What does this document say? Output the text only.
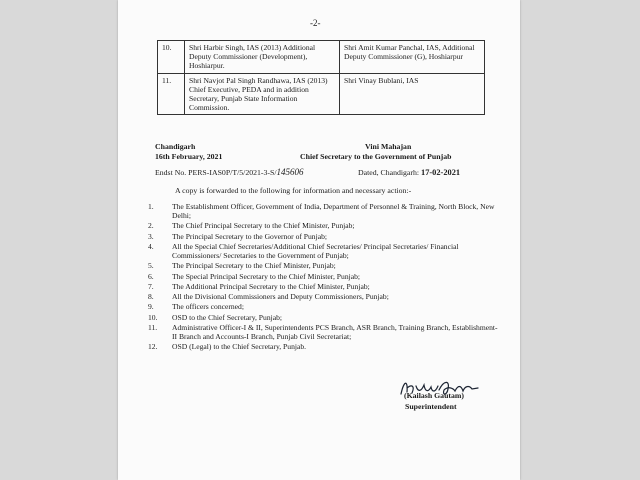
-2-
10.	Shri Harbir Singh, IAS (2013) Additional Deputy Commissioner (Development), Hoshiarpur.	Shri Amit Kumar Panchal, IAS, Additional Deputy Commissioner (G), Hoshiarpur
11.	Shri Navjot Pal Singh Randhawa, IAS (2013) Chief Executive, PEDA and in addition Secretary, Punjab State Information Commission.	Shri Vinay Bublani, IAS
Chandigarh
16th February, 2021
Vini Mahajan
Chief Secretary to the Government of Punjab
Endst No. PERS-IAS0P/T/5/2021-3-S/145606	Dated, Chandigarh: 17-02-2021
A copy is forwarded to the following for information and necessary action:-
1.	The Establishment Officer, Government of India, Department of Personnel & Training, North Block, New Delhi;
2.	The Chief Principal Secretary to the Chief Minister, Punjab;
3.	The Principal Secretary to the Governor of Punjab;
4.	All the Special Chief Secretaries/Additional Chief Secretaries/ Principal Secretaries/ Financial Commissioners/ Secretaries to the Government of Punjab;
5.	The Principal Secretary to the Chief Minister, Punjab;
6.	The Special Principal Secretary to the Chief Minister, Punjab;
7.	The Additional Principal Secretary to the Chief Minister, Punjab;
8.	All the Divisional Commissioners and Deputy Commissioners, Punjab;
9.	The officers concerned;
10.	OSD to the Chief Secretary, Punjab;
11.	Administrative Officer-I & II, Superintendents PCS Branch, ASR Branch, Training Branch, Establishment-II Branch and Accounts-I Branch, Punjab Civil Secretariat;
12.	OSD (Legal) to the Chief Secretary, Punjab.
(Kailash Gautam)
Superintendent
